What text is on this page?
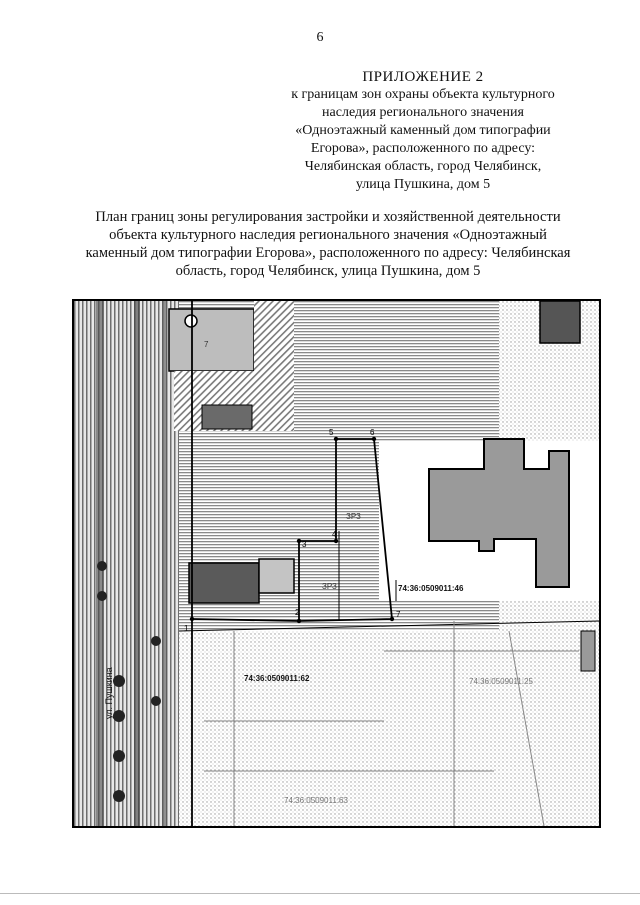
6
ПРИЛОЖЕНИЕ 2
к границам зон охраны объекта культурного
наследия регионального значения
«Одноэтажный каменный дом типографии
Егорова», расположенного по адресу:
Челябинская область, город Челябинск,
улица Пушкина, дом 5
План границ зоны регулирования застройки и хозяйственной деятельности
объекта культурного наследия регионального значения «Одноэтажный
каменный дом типографии Егорова», расположенного по адресу: Челябинская
область, город Челябинск, улица Пушкина, дом 5
ул. Пушкина
7
1
2
3
4
5	6
7
ЗРЗ
ЗРЗ	74:36:0509011:46
74:36:0509011:62
74:36:0509011:63
74:36:0509011:25
